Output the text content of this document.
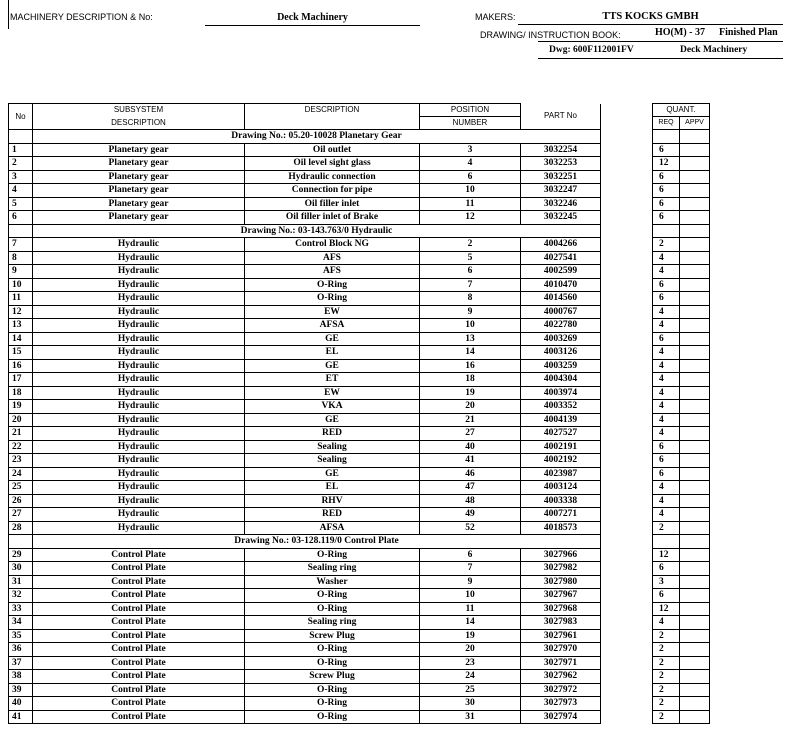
MACHINERY DESCRIPTION & No:	Deck Machinery	MAKERS:	TTS KOCKS GMBH
DRAWING/ INSTRUCTION BOOK:	HO(M) - 37 Finished Plan
Dwg: 600F112001FV	Deck Machinery
No	SUBSYSTEM	DESCRIPTION	POSITION	PART No		QUANT.	
	DESCRIPTION		NUMBER			REQ	APPV
	Drawing No.: 05.20-10028 Planetary Gear						
1	Planetary gear	Oil outlet	3	3032254		6	
2	Planetary gear	Oil level sight glass	4	3032253		12	
3	Planetary gear	Hydraulic connection	6	3032251		6	
4	Planetary gear	Connection for pipe	10	3032247		6	
5	Planetary gear	Oil filler inlet	11	3032246		6	
6	Planetary gear	Oil filler inlet of Brake	12	3032245		6	
	Drawing No.: 03-143.763/0 Hydraulic						
7	Hydraulic	Control Block NG	2	4004266		2	
8	Hydraulic	AFS	5	4027541		4	
9	Hydraulic	AFS	6	4002599		4	
10	Hydraulic	O-Ring	7	4010470		6	
11	Hydraulic	O-Ring	8	4014560		6	
12	Hydraulic	EW	9	4000767		4	
13	Hydraulic	AFSA	10	4022780		4	
14	Hydraulic	GE	13	4003269		6	
15	Hydraulic	EL	14	4003126		4	
16	Hydraulic	GE	16	4003259		4	
17	Hydraulic	ET	18	4004304		4	
18	Hydraulic	EW	19	4003974		4	
19	Hydraulic	VKA	20	4003352		4	
20	Hydraulic	GE	21	4004139		4	
21	Hydraulic	RED	27	4027527		4	
22	Hydraulic	Sealing	40	4002191		6	
23	Hydraulic	Sealing	41	4002192		6	
24	Hydraulic	GE	46	4023987		6	
25	Hydraulic	EL	47	4003124		4	
26	Hydraulic	RHV	48	4003338		4	
27	Hydraulic	RED	49	4007271		4	
28	Hydraulic	AFSA	52	4018573		2	
	Drawing No.: 03-128.119/0 Control Plate						
29	Control Plate	O-Ring	6	3027966		12	
30	Control Plate	Sealing ring	7	3027982		6	
31	Control Plate	Washer	9	3027980		3	
32	Control Plate	O-Ring	10	3027967		6	
33	Control Plate	O-Ring	11	3027968		12	
34	Control Plate	Sealing ring	14	3027983		4	
35	Control Plate	Screw Plug	19	3027961		2	
36	Control Plate	O-Ring	20	3027970		2	
37	Control Plate	O-Ring	23	3027971		2	
38	Control Plate	Screw Plug	24	3027962		2	
39	Control Plate	O-Ring	25	3027972		2	
40	Control Plate	O-Ring	30	3027973		2	
41	Control Plate	O-Ring	31	3027974		2	
